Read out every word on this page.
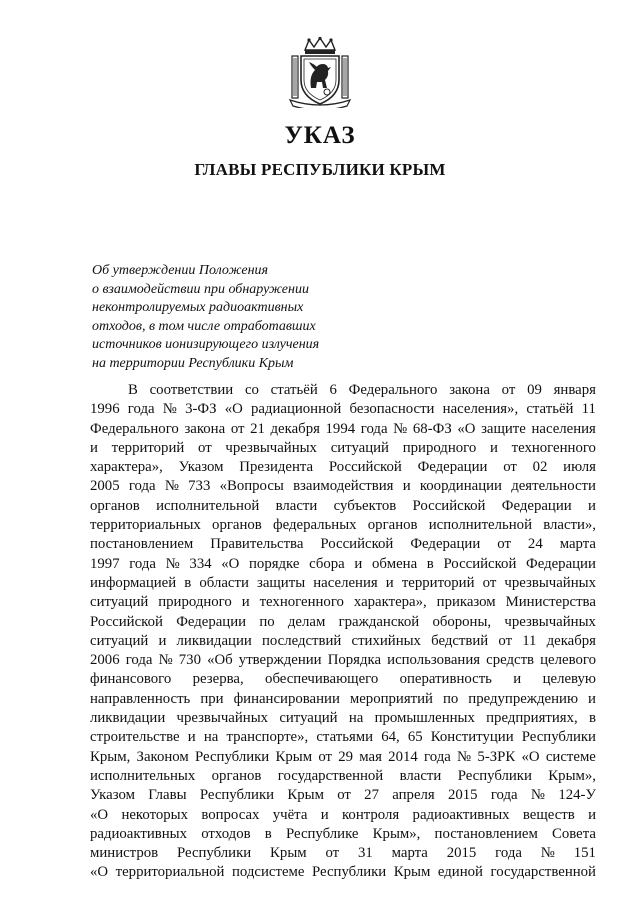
УКАЗ
ГЛАВЫ РЕСПУБЛИКИ КРЫМ
Об утверждении Положения
о взаимодействии при обнаружении
неконтролируемых радиоактивных
отходов, в том числе отработавших
источников ионизирующего излучения
на территории Республики Крым
В соответствии со статьёй 6 Федерального закона от 09 января
1996 года № 3-ФЗ «О радиационной безопасности населения», статьёй 11
Федерального закона от 21 декабря 1994 года № 68-ФЗ «О защите населения
и территорий от чрезвычайных ситуаций природного и техногенного
характера», Указом Президента Российской Федерации от 02 июля
2005 года № 733 «Вопросы взаимодействия и координации деятельности
органов исполнительной власти субъектов Российской Федерации и
территориальных органов федеральных органов исполнительной власти»,
постановлением Правительства Российской Федерации от 24 марта
1997 года № 334 «О порядке сбора и обмена в Российской Федерации
информацией в области защиты населения и территорий от чрезвычайных
ситуаций природного и техногенного характера», приказом Министерства
Российской Федерации по делам гражданской обороны, чрезвычайных
ситуаций и ликвидации последствий стихийных бедствий от 11 декабря
2006 года № 730 «Об утверждении Порядка использования средств целевого
финансового резерва, обеспечивающего оперативность и целевую
направленность при финансировании мероприятий по предупреждению и
ликвидации чрезвычайных ситуаций на промышленных предприятиях, в
строительстве и на транспорте», статьями 64, 65 Конституции Республики
Крым, Законом Республики Крым от 29 мая 2014 года № 5-ЗРК «О системе
исполнительных органов государственной власти Республики Крым»,
Указом Главы Республики Крым от 27 апреля 2015 года № 124-У
«О некоторых вопросах учёта и контроля радиоактивных веществ и
радиоактивных отходов в Республике Крым», постановлением Совета
министров Республики Крым от 31 марта 2015 года № 151
«О территориальной подсистеме Республики Крым единой государственной
